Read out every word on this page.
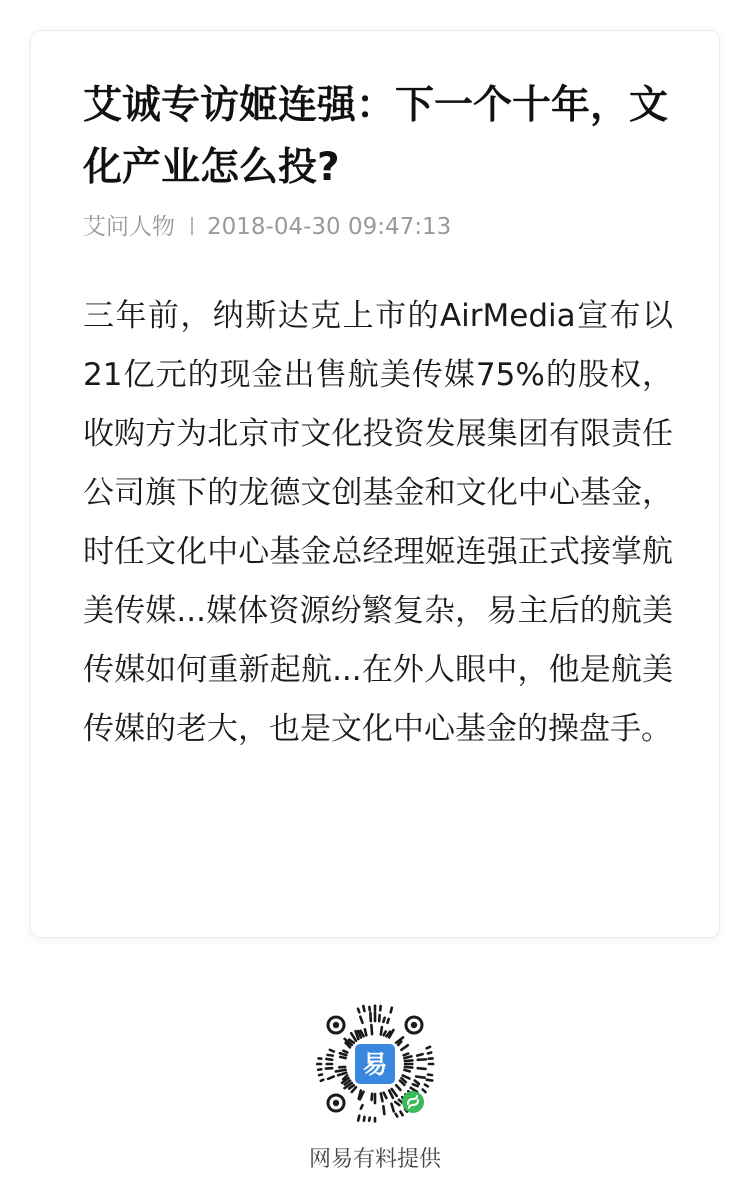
艾诚专访姬连强：下一个十年，文化产业怎么投?
艾问人物 2018-04-30 09:47:13

三年前，纳斯达克上市的AirMedia宣布以21亿元的现金出售航美传媒75%的股权，收购方为北京市文化投资发展集团有限责任公司旗下的龙德文创基金和文化中心基金，时任文化中心基金总经理姬连强正式接掌航美传媒...媒体资源纷繁复杂，易主后的航美传媒如何重新起航...在外人眼中，他是航美传媒的老大，也是文化中心基金的操盘手。

易
网易有料提供
